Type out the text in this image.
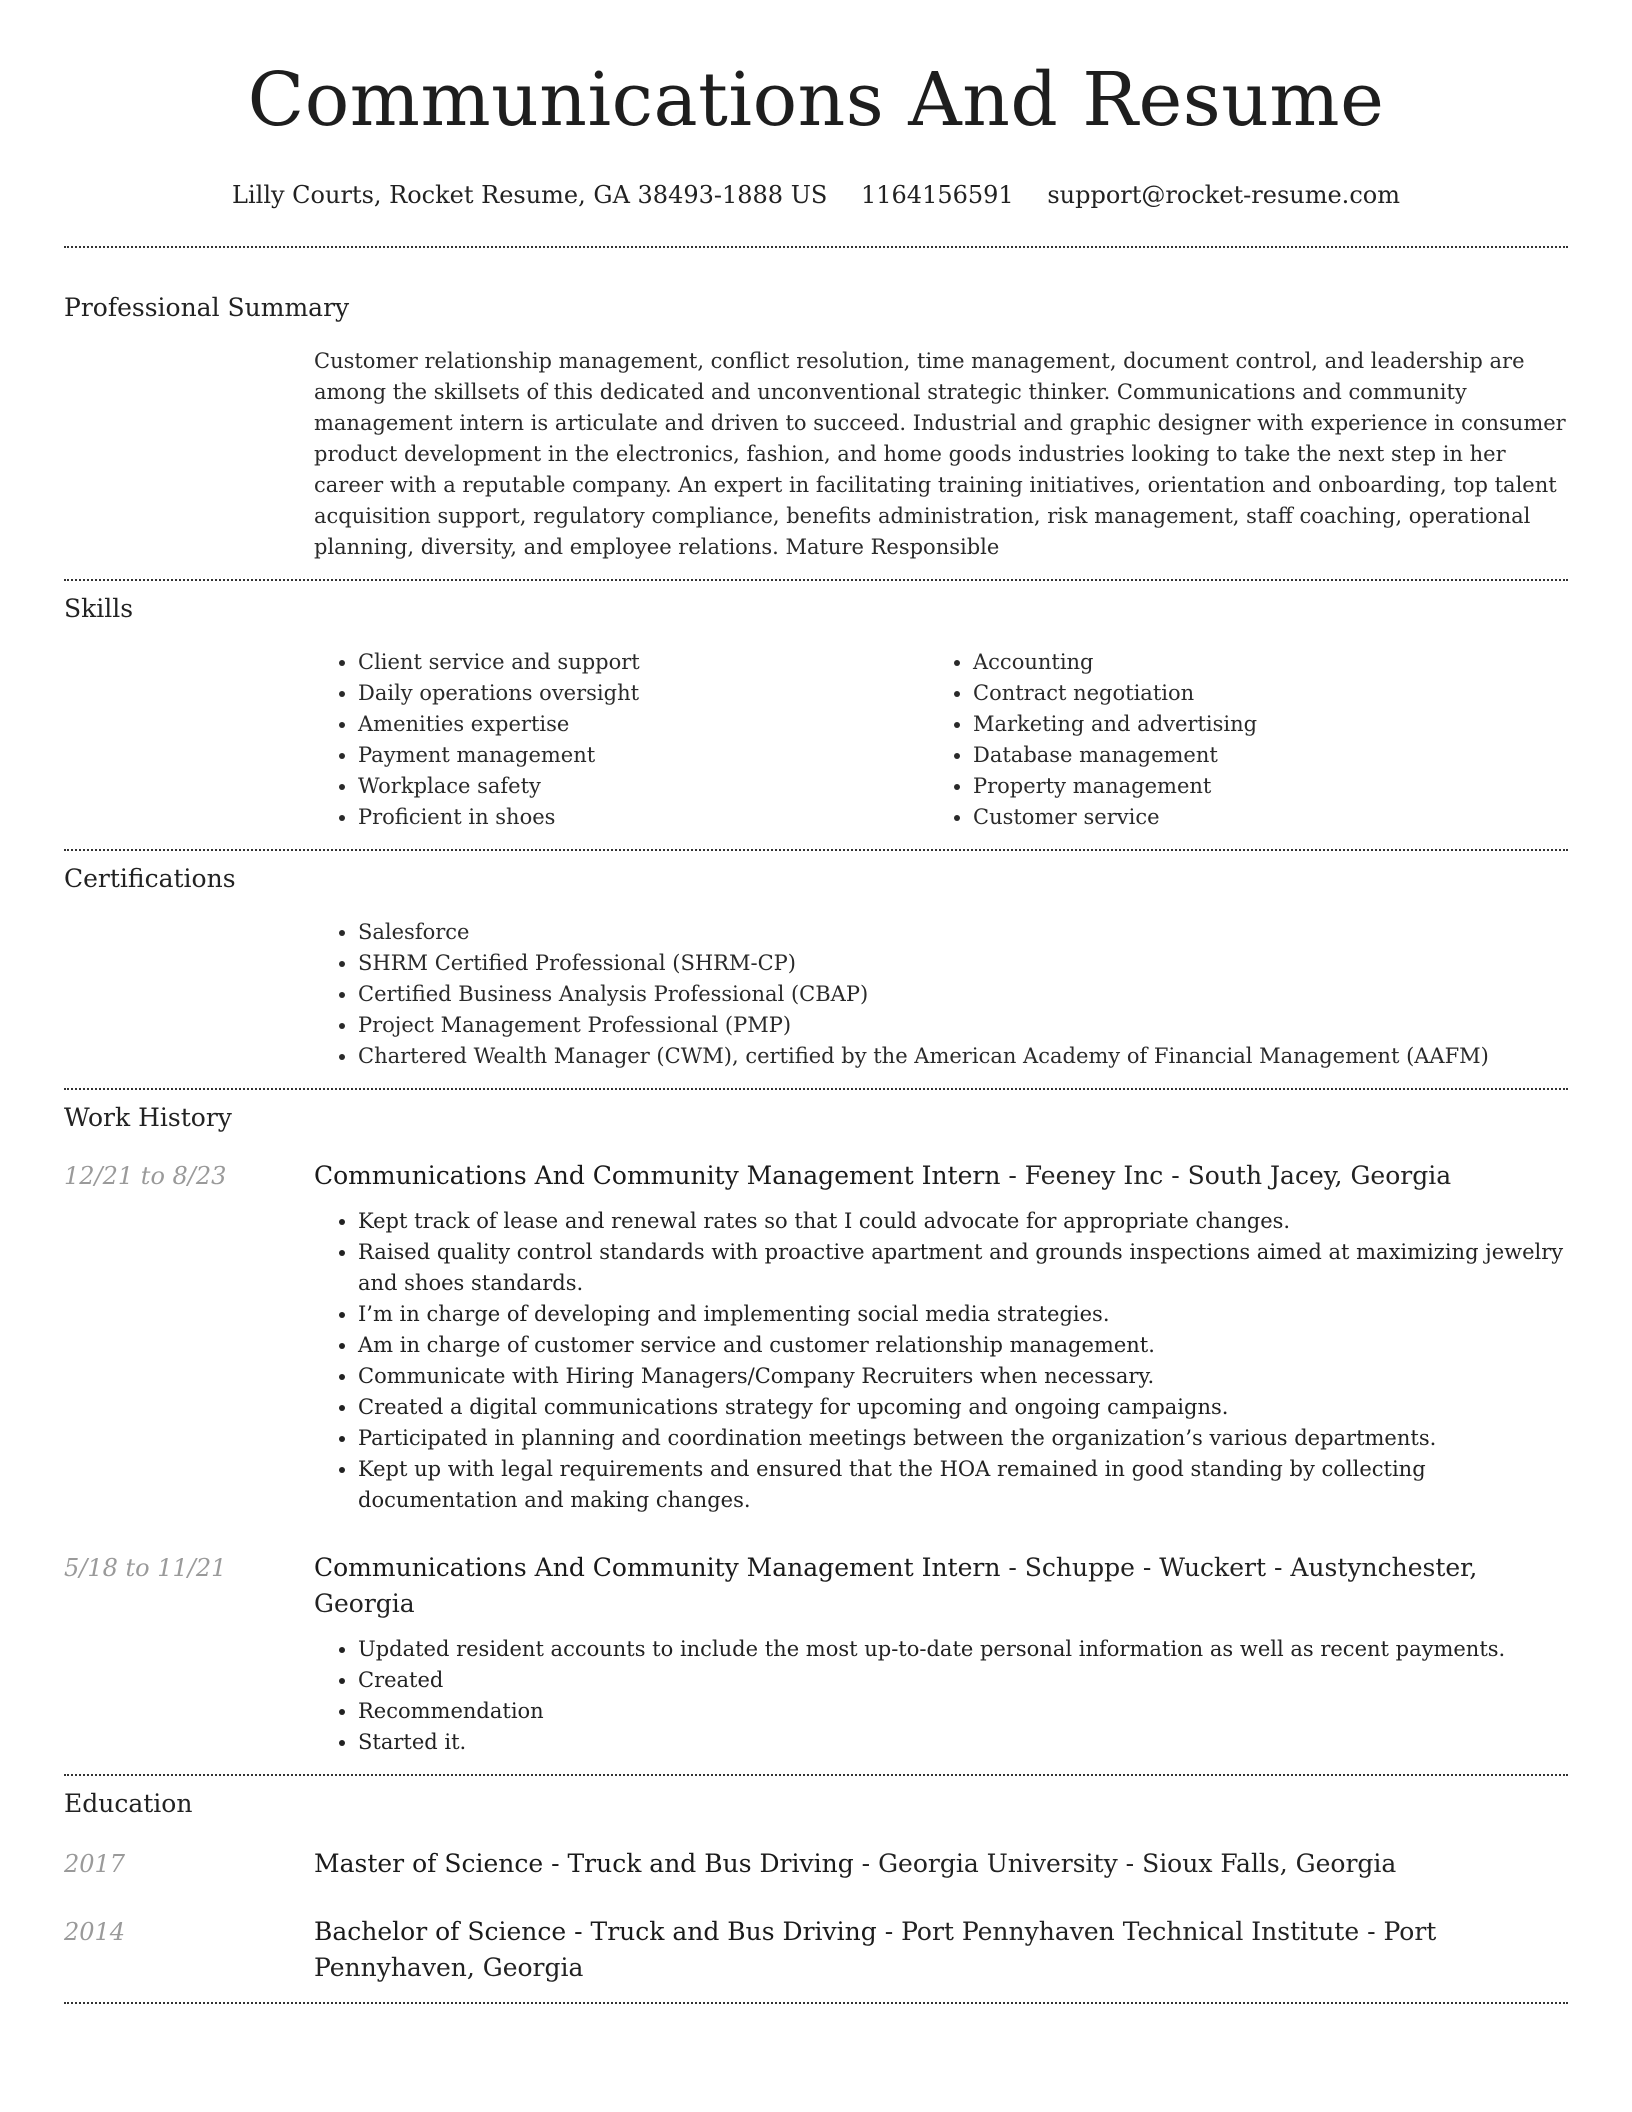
Communications And Resume
Lilly Courts, Rocket Resume, GA 38493-1888 US 1164156591 support@rocket-resume.com
Professional Summary
Customer relationship management, conflict resolution, time management, document control, and leadership are among the skillsets of this dedicated and unconventional strategic thinker. Communications and community management intern is articulate and driven to succeed. Industrial and graphic designer with experience in consumer product development in the electronics, fashion, and home goods industries looking to take the next step in her career with a reputable company. An expert in facilitating training initiatives, orientation and onboarding, top talent acquisition support, regulatory compliance, benefits administration, risk management, staff coaching, operational planning, diversity, and employee relations. Mature Responsible
Skills
• Client service and support
• Daily operations oversight
• Amenities expertise
• Payment management
• Workplace safety
• Proficient in shoes
• Accounting
• Contract negotiation
• Marketing and advertising
• Database management
• Property management
• Customer service
Certifications
• Salesforce
• SHRM Certified Professional (SHRM-CP)
• Certified Business Analysis Professional (CBAP)
• Project Management Professional (PMP)
• Chartered Wealth Manager (CWM), certified by the American Academy of Financial Management (AAFM)
Work History
12/21 to 8/23	Communications And Community Management Intern - Feeney Inc - South Jacey, Georgia
• Kept track of lease and renewal rates so that I could advocate for appropriate changes.
• Raised quality control standards with proactive apartment and grounds inspections aimed at maximizing jewelry and shoes standards.
• I’m in charge of developing and implementing social media strategies.
• Am in charge of customer service and customer relationship management.
• Communicate with Hiring Managers/Company Recruiters when necessary.
• Created a digital communications strategy for upcoming and ongoing campaigns.
• Participated in planning and coordination meetings between the organization’s various departments.
• Kept up with legal requirements and ensured that the HOA remained in good standing by collecting documentation and making changes.
5/18 to 11/21	Communications And Community Management Intern - Schuppe - Wuckert - Austynchester, Georgia
• Updated resident accounts to include the most up-to-date personal information as well as recent payments.
• Created
• Recommendation
• Started it.
Education
2017	Master of Science - Truck and Bus Driving - Georgia University - Sioux Falls, Georgia
2014	Bachelor of Science - Truck and Bus Driving - Port Pennyhaven Technical Institute - Port Pennyhaven, Georgia
